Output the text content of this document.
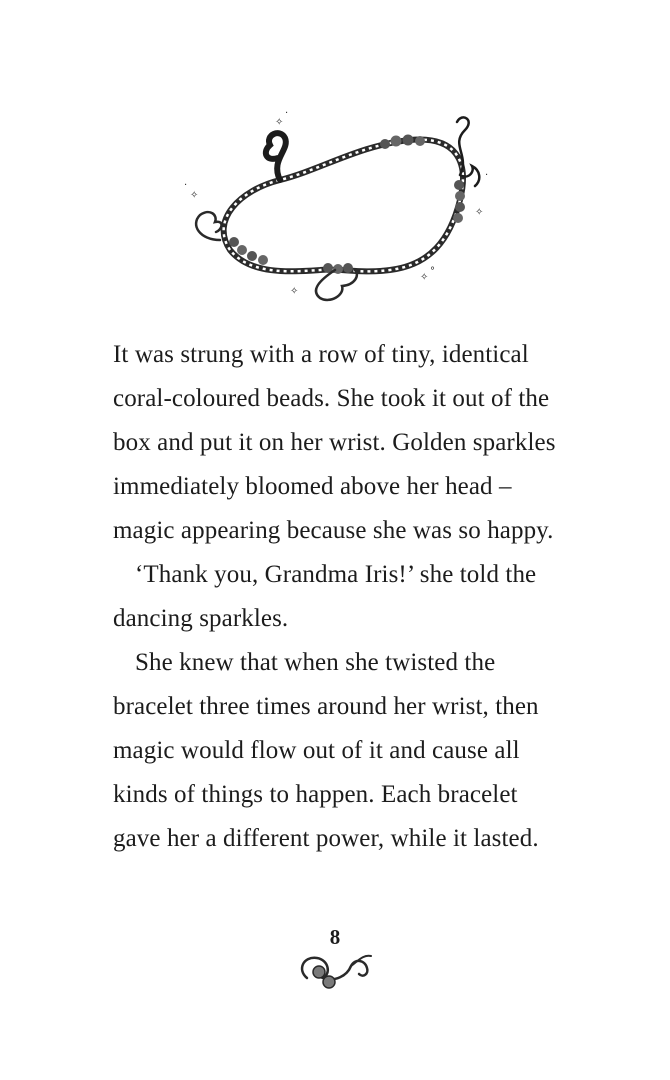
✧
·
✧
·
✧
·
✧
✧
°

It was strung with a row of tiny, identical
coral-coloured beads. She took it out of the
box and put it on her wrist. Golden sparkles
immediately bloomed above her head –
magic appearing because she was so happy.

‘Thank you, Grandma Iris!’ she told the
dancing sparkles.

She knew that when she twisted the
bracelet three times around her wrist, then
magic would flow out of it and cause all
kinds of things to happen. Each bracelet
gave her a different power, while it lasted.

8
